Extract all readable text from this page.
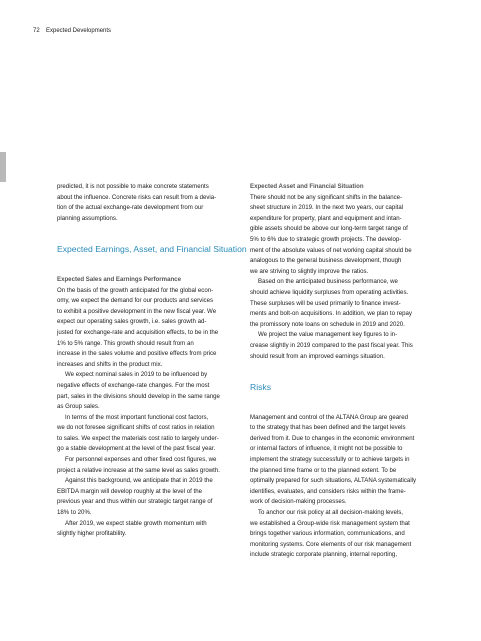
72 Expected Developments
predicted, it is not possible to make concrete statements
about the influence. Concrete risks can result from a devia-
tion of the actual exchange-rate development from our
planning assumptions.
Expected Earnings, Asset, and Financial Situation
Expected Sales and Earnings Performance
On the basis of the growth anticipated for the global econ-
omy, we expect the demand for our products and services
to exhibit a positive development in the new fiscal year. We
expect our operating sales growth, i.e. sales growth ad-
justed for exchange-rate and acquisition effects, to be in the
1% to 5% range. This growth should result from an
increase in the sales volume and positive effects from price
increases and shifts in the product mix.
We expect nominal sales in 2019 to be influenced by
negative effects of exchange-rate changes. For the most
part, sales in the divisions should develop in the same range
as Group sales.
In terms of the most important functional cost factors,
we do not foresee significant shifts of cost ratios in relation
to sales. We expect the materials cost ratio to largely under-
go a stable development at the level of the past fiscal year.
For personnel expenses and other fixed cost figures, we
project a relative increase at the same level as sales growth.
Against this background, we anticipate that in 2019 the
EBITDA margin will develop roughly at the level of the
previous year and thus within our strategic target range of
18% to 20%.
After 2019, we expect stable growth momentum with
slightly higher profitability.
Expected Asset and Financial Situation
There should not be any significant shifts in the balance-
sheet structure in 2019. In the next two years, our capital
expenditure for property, plant and equipment and intan-
gible assets should be above our long-term target range of
5% to 6% due to strategic growth projects. The develop-
ment of the absolute values of net working capital should be
analogous to the general business development, though
we are striving to slightly improve the ratios.
Based on the anticipated business performance, we
should achieve liquidity surpluses from operating activities.
These surpluses will be used primarily to finance invest-
ments and bolt-on acquisitions. In addition, we plan to repay
the promissory note loans on schedule in 2019 and 2020.
We project the value management key figures to in-
crease slightly in 2019 compared to the past fiscal year. This
should result from an improved earnings situation.
Risks
Management and control of the ALTANA Group are geared
to the strategy that has been defined and the target levels
derived from it. Due to changes in the economic environment
or internal factors of influence, it might not be possible to
implement the strategy successfully or to achieve targets in
the planned time frame or to the planned extent. To be
optimally prepared for such situations, ALTANA systematically
identifies, evaluates, and considers risks within the frame-
work of decision-making processes.
To anchor our risk policy at all decision-making levels,
we established a Group-wide risk management system that
brings together various information, communications, and
monitoring systems. Core elements of our risk management
include strategic corporate planning, internal reporting,
